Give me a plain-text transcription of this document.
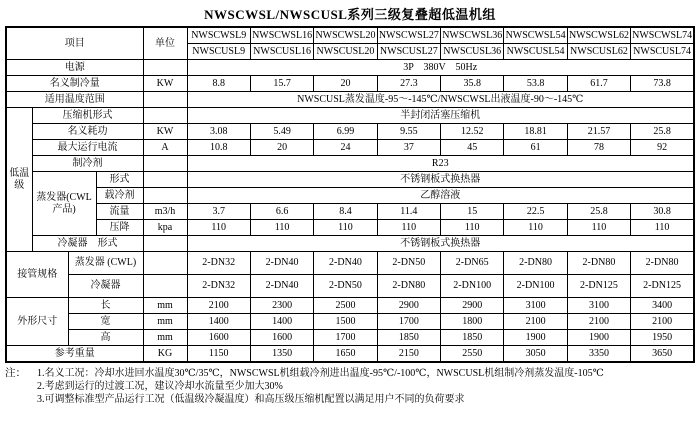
NWSCWSL/NWSCUSL系列三级复叠超低温机组
项目				单位	NWSCWSL9	NWSCWSL16	NWSCWSL20	NWSCWSL27	NWSCWSL36	NWSCWSL54	NWSCWSL62	NWSCWSL74
					NWSCUSL9	NWSCUSL16	NWSCUSL20	NWSCUSL27	NWSCUSL36	NWSCUSL54	NWSCUSL62	NWSCUSL74
电源					3P    380V    50Hz							
名义制冷量				KW	8.8	15.7	20	27.3	35.8	53.8	61.7	73.8
适用温度范围					NWSCUSL蒸发温度-95～-145℃/NWSCWSL出液温度-90～-145℃							
低温级	压缩机形式				半封闭活塞压缩机							
	名义耗功			KW	3.08	5.49	6.99	9.55	12.52	18.81	21.57	25.8
	最大运行电流			A	10.8	20	24	37	45	61	78	92
	制冷剂				R23							
	蒸发器(CWL产品)		形式		不锈钢板式换热器							
			载冷剂		乙醇溶液							
			流量	m3/h	3.7	6.6	8.4	11.4	15	22.5	25.8	30.8
			压降	kpa	110	110	110	110	110	110	110	110
	冷凝器　形式				不锈钢板式换热器							
接管规格		蒸发器 (CWL)			2-DN32	2-DN40	2-DN40	2-DN50	2-DN65	2-DN80	2-DN80	2-DN80
		冷凝器			2-DN32	2-DN40	2-DN50	2-DN80	2-DN100	2-DN100	2-DN125	2-DN125
外形尺寸		长		mm	2100	2300	2500	2900	2900	3100	3100	3400
		宽		mm	1400	1400	1500	1700	1800	2100	2100	2100
		高		mm	1600	1600	1700	1850	1850	1900	1900	1950
参考重量				KG	1150	1350	1650	2150	2550	3050	3350	3650
注：	1.名义工况：冷却水进回水温度30℃/35℃，NWSCWSL机组载冷剂进出温度-95℃/-100℃，NWSCUSL机组制冷剂蒸发温度-105℃
2.考虑到运行的过渡工况，建议冷却水流量至少加大30%
3.可调整标准型产品运行工况（低温级冷凝温度）和高压级压缩机配置以满足用户不同的负荷要求
